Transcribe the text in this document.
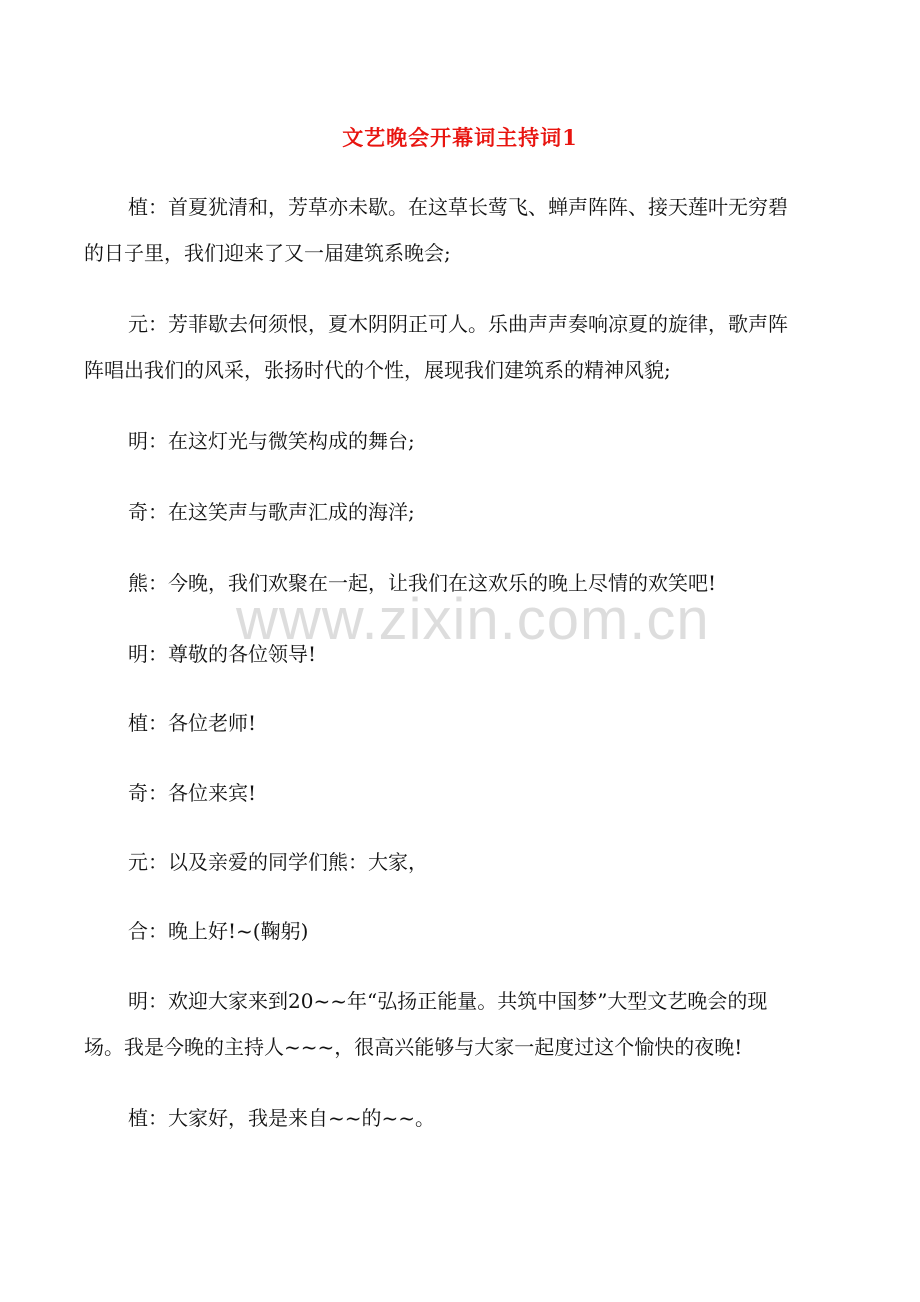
文艺晚会开幕词主持词1
植：首夏犹清和，芳草亦未歇。在这草长莺飞、蝉声阵阵、接天莲叶无穷碧的日子里，我们迎来了又一届建筑系晚会;
元：芳菲歇去何须恨，夏木阴阴正可人。乐曲声声奏响凉夏的旋律，歌声阵阵唱出我们的风采，张扬时代的个性，展现我们建筑系的精神风貌;
明：在这灯光与微笑构成的舞台;
奇：在这笑声与歌声汇成的海洋;
熊：今晚，我们欢聚在一起，让我们在这欢乐的晚上尽情的欢笑吧!
明：尊敬的各位领导!
植：各位老师!
奇：各位来宾!
元：以及亲爱的同学们熊：大家，
合：晚上好!~(鞠躬)
明：欢迎大家来到20~~年“弘扬正能量。共筑中国梦”大型文艺晚会的现场。我是今晚的主持人~~~，很高兴能够与大家一起度过这个愉快的夜晚!
植：大家好，我是来自~~的~~。
www.zixin.com.cn
